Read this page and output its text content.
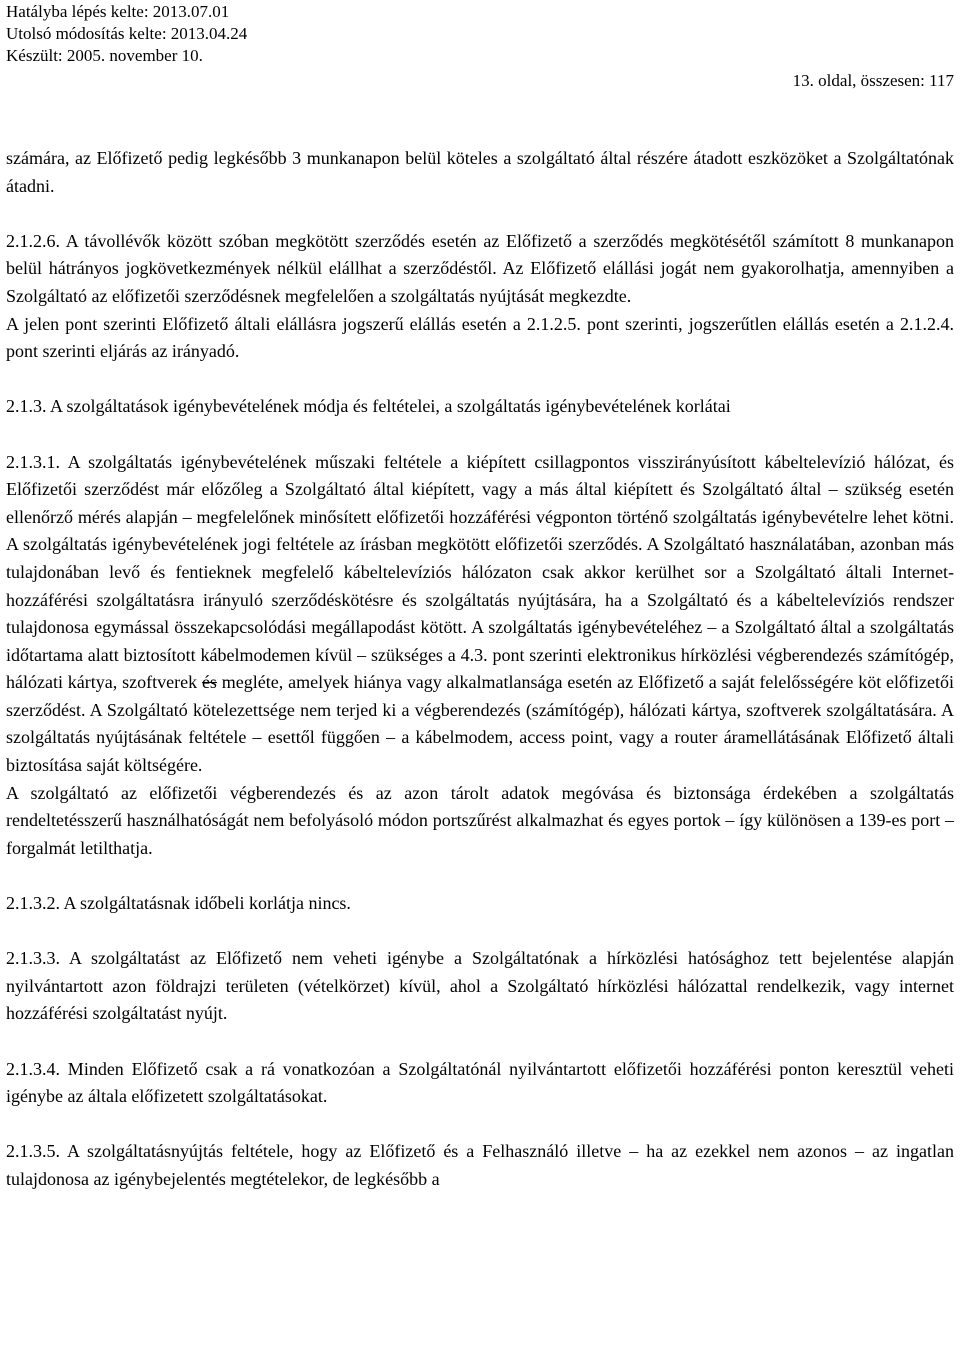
Hatályba lépés kelte: 2013.07.01
Utolsó módosítás kelte: 2013.04.24
Készült: 2005. november 10.
13. oldal, összesen: 117

számára, az Előfizető pedig legkésőbb 3 munkanapon belül köteles a szolgáltató által részére átadott eszközöket a Szolgáltatónak átadni.

2.1.2.6. A távollévők között szóban megkötött szerződés esetén az Előfizető a szerződés megkötésétől számított 8 munkanapon belül hátrányos jogkövetkezmények nélkül elállhat a szerződéstől. Az Előfizető elállási jogát nem gyakorolhatja, amennyiben a Szolgáltató az előfizetői szerződésnek megfelelően a szolgáltatás nyújtását megkezdte.

A jelen pont szerinti Előfizető általi elállásra jogszerű elállás esetén a 2.1.2.5. pont szerinti, jogszerűtlen elállás esetén a 2.1.2.4. pont szerinti eljárás az irányadó.

2.1.3. A szolgáltatások igénybevételének módja és feltételei, a szolgáltatás igénybevételének korlátai

2.1.3.1. A szolgáltatás igénybevételének műszaki feltétele a kiépített csillagpontos visszirányúsított kábeltelevízió hálózat, és Előfizetői szerződést már előzőleg a Szolgáltató által kiépített, vagy a más által kiépített és Szolgáltató által – szükség esetén ellenőrző mérés alapján – megfelelőnek minősített előfizetői hozzáférési végponton történő szolgáltatás igénybevételre lehet kötni. A szolgáltatás igénybevételének jogi feltétele az írásban megkötött előfizetői szerződés. A Szolgáltató használatában, azonban más tulajdonában levő és fentieknek megfelelő kábeltelevíziós hálózaton csak akkor kerülhet sor a Szolgáltató általi Internet-hozzáférési szolgáltatásra irányuló szerződéskötésre és szolgáltatás nyújtására, ha a Szolgáltató és a kábeltelevíziós rendszer tulajdonosa egymással összekapcsolódási megállapodást kötött. A szolgáltatás igénybevételéhez – a Szolgáltató által a szolgáltatás időtartama alatt biztosított kábelmodemen kívül – szükséges a 4.3. pont szerinti elektronikus hírközlési végberendezés számítógép, hálózati kártya, szoftverek és megléte, amelyek hiánya vagy alkalmatlansága esetén az Előfizető a saját felelősségére köt előfizetői szerződést. A Szolgáltató kötelezettsége nem terjed ki a végberendezés (számítógép), hálózati kártya, szoftverek szolgáltatására. A szolgáltatás nyújtásának feltétele – esettől függően – a kábelmodem, access point, vagy a router áramellátásának Előfizető általi biztosítása saját költségére.

A szolgáltató az előfizetői végberendezés és az azon tárolt adatok megóvása és biztonsága érdekében a szolgáltatás rendeltetésszerű használhatóságát nem befolyásoló módon portszűrést alkalmazhat és egyes portok – így különösen a 139-es port – forgalmát letilthatja.

2.1.3.2. A szolgáltatásnak időbeli korlátja nincs.

2.1.3.3. A szolgáltatást az Előfizető nem veheti igénybe a Szolgáltatónak a hírközlési hatósághoz tett bejelentése alapján nyilvántartott azon földrajzi területen (vételkörzet) kívül, ahol a Szolgáltató hírközlési hálózattal rendelkezik, vagy internet hozzáférési szolgáltatást nyújt.

2.1.3.4. Minden Előfizető csak a rá vonatkozóan a Szolgáltatónál nyilvántartott előfizetői hozzáférési ponton keresztül veheti igénybe az általa előfizetett szolgáltatásokat.

2.1.3.5. A szolgáltatásnyújtás feltétele, hogy az Előfizető és a Felhasználó illetve – ha az ezekkel nem azonos – az ingatlan tulajdonosa az igénybejelentés megtételekor, de legkésőbb a
